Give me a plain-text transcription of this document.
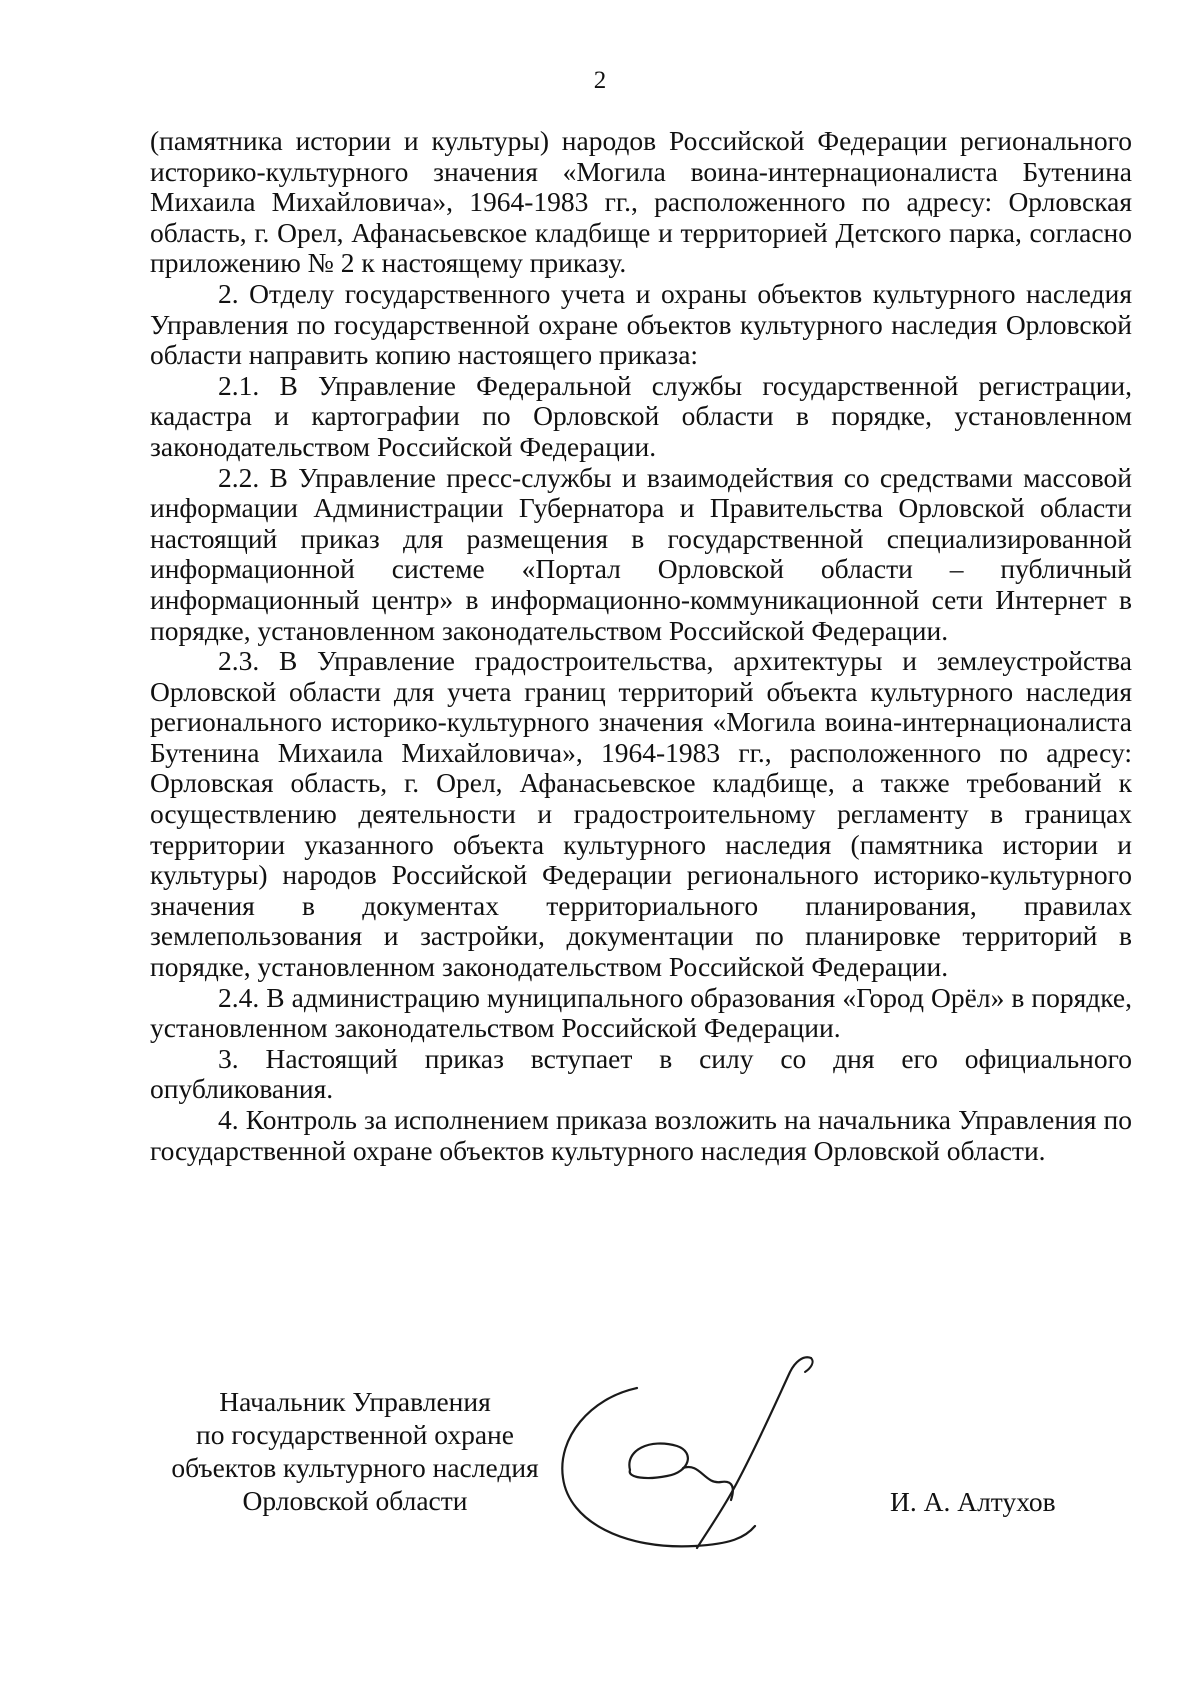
2

(памятника истории и культуры) народов Российской Федерации регионального историко-культурного значения «Могила воина-интернационалиста Бутенина Михаила Михайловича», 1964-1983 гг., расположенного по адресу: Орловская область, г. Орел, Афанасьевское кладбище и территорией Детского парка, согласно приложению № 2 к настоящему приказу.

2. Отделу государственного учета и охраны объектов культурного наследия Управления по государственной охране объектов культурного наследия Орловской области направить копию настоящего приказа:

2.1. В Управление Федеральной службы государственной регистрации, кадастра и картографии по Орловской области в порядке, установленном законодательством Российской Федерации.

2.2. В Управление пресс-службы и взаимодействия со средствами массовой информации Администрации Губернатора и Правительства Орловской области настоящий приказ для размещения в государственной специализированной информационной системе «Портал Орловской области – публичный информационный центр» в информационно-коммуникационной сети Интернет в порядке, установленном законодательством Российской Федерации.

2.3. В Управление градостроительства, архитектуры и землеустройства Орловской области для учета границ территорий объекта культурного наследия регионального историко-культурного значения «Могила воина-интернационалиста Бутенина Михаила Михайловича», 1964-1983 гг., расположенного по адресу: Орловская область, г. Орел, Афанасьевское кладбище, а также требований к осуществлению деятельности и градостроительному регламенту в границах территории указанного объекта культурного наследия (памятника истории и культуры) народов Российской Федерации регионального историко-культурного значения в документах территориального планирования, правилах землепользования и застройки, документации по планировке территорий в порядке, установленном законодательством Российской Федерации.

2.4. В администрацию муниципального образования «Город Орёл» в порядке, установленном законодательством Российской Федерации.

3. Настоящий приказ вступает в силу со дня его официального опубликования.

4. Контроль за исполнением приказа возложить на начальника Управления по государственной охране объектов культурного наследия Орловской области.

Начальник Управления
по государственной охране
объектов культурного наследия
Орловской области	И. А. Алтухов
